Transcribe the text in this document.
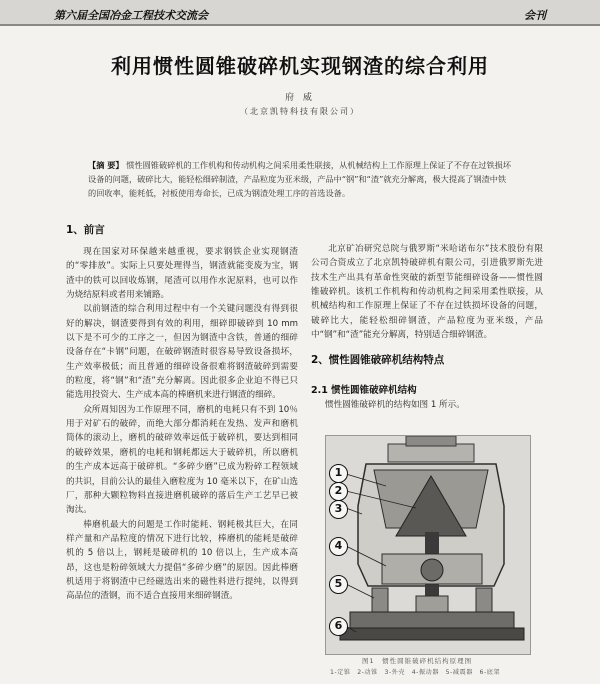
第六届全国冶金工程技术交流会	会刊
利用惯性圆锥破碎机实现钢渣的综合利用
府 威
（北京凯特科技有限公司）
【摘 要】 惯性圆锥破碎机的工作机构和传动机构之间采用柔性联接，从机械结构上工作原理上保证了不存在过铁损坏设备的问题，破碎比大，能轻松细碎制渣，产品粒度为亚米级，产品中“钢”和“渣”就充分解离，极大提高了钢渣中铁的回收率，能耗低，衬板使用寿命长，已成为钢渣处理工序的首选设备。
1、前言

现在国家对环保越来越重视，要求钢铁企业实现钢渣的“零排放”。实际上只要处理得当，钢渣就能变废为宝，钢渣中的铁可以回收炼钢，尾渣可以用作水泥原料，也可以作为烧结原料或者用来铺路。

以前钢渣的综合利用过程中有一个关键问题没有得到很好的解决，钢渣要得到有效的利用，细碎即破碎到 10 mm 以下是不可少的工序之一，但因为钢渣中含铁，普通的细碎设备存在“卡钢”问题，在破碎钢渣时很容易导致设备损坏，生产效率极低；而且普通的细碎设备很难将钢渣破碎到需要的粒度，将“钢”和“渣”充分解离。因此很多企业迫不得已只能选用投资大、生产成本高的棒磨机来进行钢渣的细碎。

众所周知因为工作原理不同，磨机的电耗只有不到 10％用于对矿石的破碎，而绝大部分都消耗在发热、发声和磨机筒体的滚动上，磨机的破碎效率远低于破碎机，要达到相同的破碎效果，磨机的电耗和钢耗都远大于破碎机，所以磨机的生产成本远高于破碎机。“多碎少磨”已成为粉碎工程领域的共识，目前公认的最佳入磨粒度为 10 毫米以下，在矿山选厂，那种大颗粒物料直接进磨机破碎的落后生产工艺早已被淘汰。

棒磨机最大的问题是工作时能耗、钢耗极其巨大，在同样产量和产品粒度的情况下进行比较，棒磨机的能耗是破碎机的 5 倍以上，钢耗是破碎机的 10 倍以上，生产成本高昂，这也是粉碎领域大力提倡“多碎少磨”的原因。因此棒磨机适用于将钢渣中已经磁选出来的磁性料进行提纯，以得到高品位的渣钢，而不适合直接用来细碎钢渣。

北京矿冶研究总院与俄罗斯“米哈诺布尔”技术股份有限公司合资成立了北京凯特破碎机有限公司，引进俄罗斯先进技术生产出具有革命性突破的新型节能细碎设备——惯性圆锥破碎机。该机工作机构和传动机构之间采用柔性联接，从机械结构和工作原理上保证了不存在过铁损坏设备的问题，破碎比大，能轻松细碎钢渣，产品粒度为亚米级，产品中“钢”和“渣”能充分解离，特别适合细碎钢渣。

2、惯性圆锥破碎机结构特点
2.1 惯性圆锥破碎机结构
惯性圆锥破碎机的结构如图 1 所示。
1
2
3
4
5
6
图1　惯性圆锥破碎机结构原理图
1-定锥　2-动锥　3-外壳　4-振动器　5-减震器　6-底架
